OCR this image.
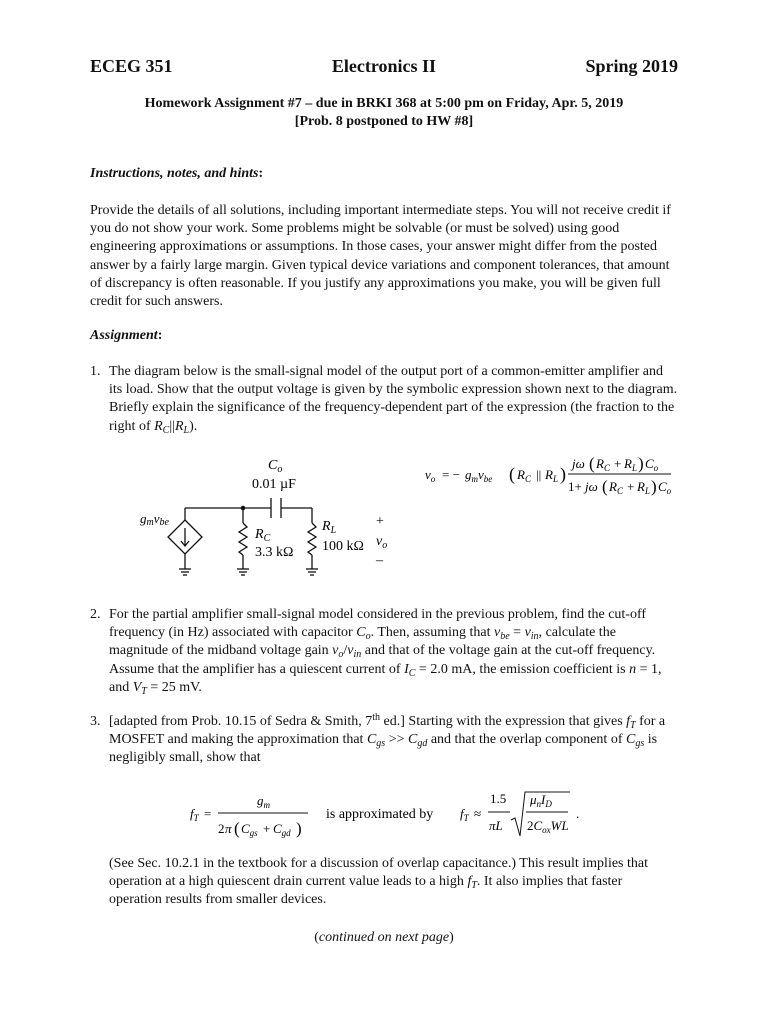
ECEG 351	Electronics II	Spring 2019
Homework Assignment #7 – due in BRKI 368 at 5:00 pm on Friday, Apr. 5, 2019
[Prob. 8 postponed to HW #8]
Instructions, notes, and hints:
Provide the details of all solutions, including important intermediate steps. You will not receive credit if you do not show your work. Some problems might be solvable (or must be solved) using good engineering approximations or assumptions. In those cases, your answer might differ from the posted answer by a fairly large margin. Given typical device variations and component tolerances, that amount of discrepancy is often reasonable. If you justify any approximations you make, you will be given full credit for such answers.
Assignment:
1. The diagram below is the small-signal model of the output port of a common-emitter amplifier and its load. Show that the output voltage is given by the symbolic expression shown next to the diagram. Briefly explain the significance of the frequency-dependent part of the expression (the fraction to the right of $R_C||R_L$).
$C_o$
0.01 µF
gmvbe
$R_C$
3.3 kΩ
$R_L$
100 kΩ
+
$v_o$
–
$v_o$ = − $g_mv_{be}$ ( $R_C$ || $R_L$ )
jω ( $R_C + R_L$ ) $C_o$
1+ jω ( $R_C + R_L$ ) $C_o$
2. For the partial amplifier small-signal model considered in the previous problem, find the cut-off frequency (in Hz) associated with capacitor $C_o$. Then, assuming that $v_{be} = v_{in}$, calculate the magnitude of the midband voltage gain $v_o/v_{in}$ and that of the voltage gain at the cut-off frequency. Assume that the amplifier has a quiescent current of $I_C = 2.0$ mA, the emission coefficient is n = 1, and $V_T = 25$ mV.
3. [adapted from Prob. 10.15 of Sedra & Smith, 7th ed.] Starting with the expression that gives $f_T$ for a MOSFET and making the approximation that $C_{gs} >> C_{gd}$ and that the overlap component of $C_{gs}$ is negligibly small, show that
$f_T$ =
$g_m$
2 π ( $C_{gs} + C_{gd}$ )
is approximated by $f_T$ ≈
1.5
πL
$\mu_nI_D$
$2C_{ox}WL$
.
(See Sec. 10.2.1 in the textbook for a discussion of overlap capacitance.) This result implies that operation at a high quiescent drain current value leads to a high $f_T$. It also implies that faster operation results from smaller devices.
(continued on next page)
